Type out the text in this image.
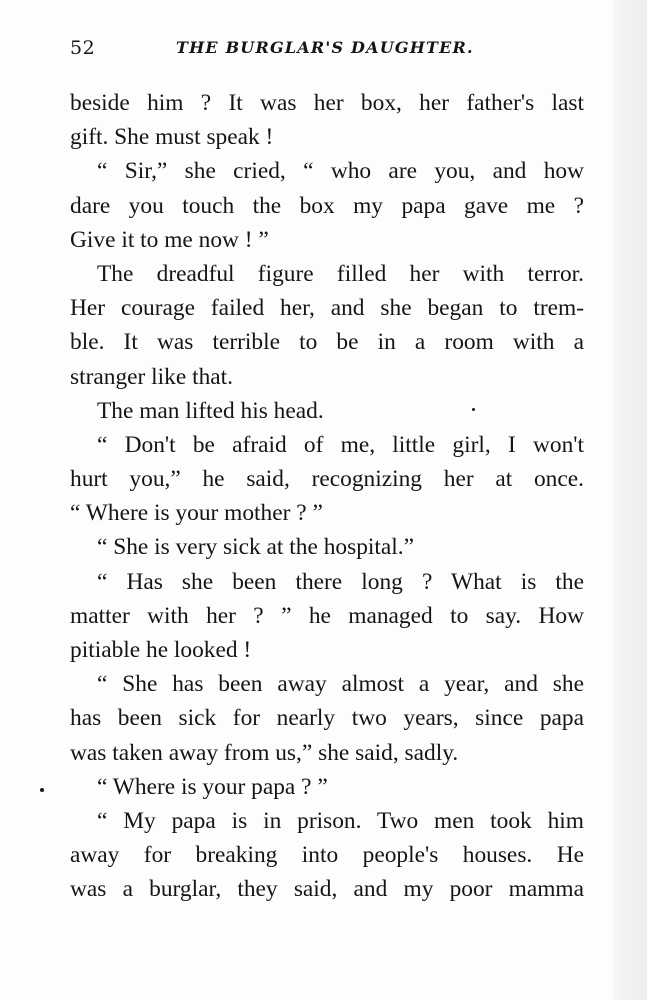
52	THE BURGLAR'S DAUGHTER.
beside him ? It was her box, her father's last
gift. She must speak !
“ Sir,” she cried, “ who are you, and how
dare you touch the box my papa gave me ?
Give it to me now ! ”
The dreadful figure filled her with terror.
Her courage failed her, and she began to trem-
ble. It was terrible to be in a room with a
stranger like that.
The man lifted his head.
“ Don't be afraid of me, little girl, I won't
hurt you,” he said, recognizing her at once.
“ Where is your mother ? ”
“ She is very sick at the hospital.”
“ Has she been there long ? What is the
matter with her ? ” he managed to say. How
pitiable he looked !
“ She has been away almost a year, and she
has been sick for nearly two years, since papa
was taken away from us,” she said, sadly.
“ Where is your papa ? ”
“ My papa is in prison. Two men took him
away for breaking into people's houses. He
was a burglar, they said, and my poor mamma
